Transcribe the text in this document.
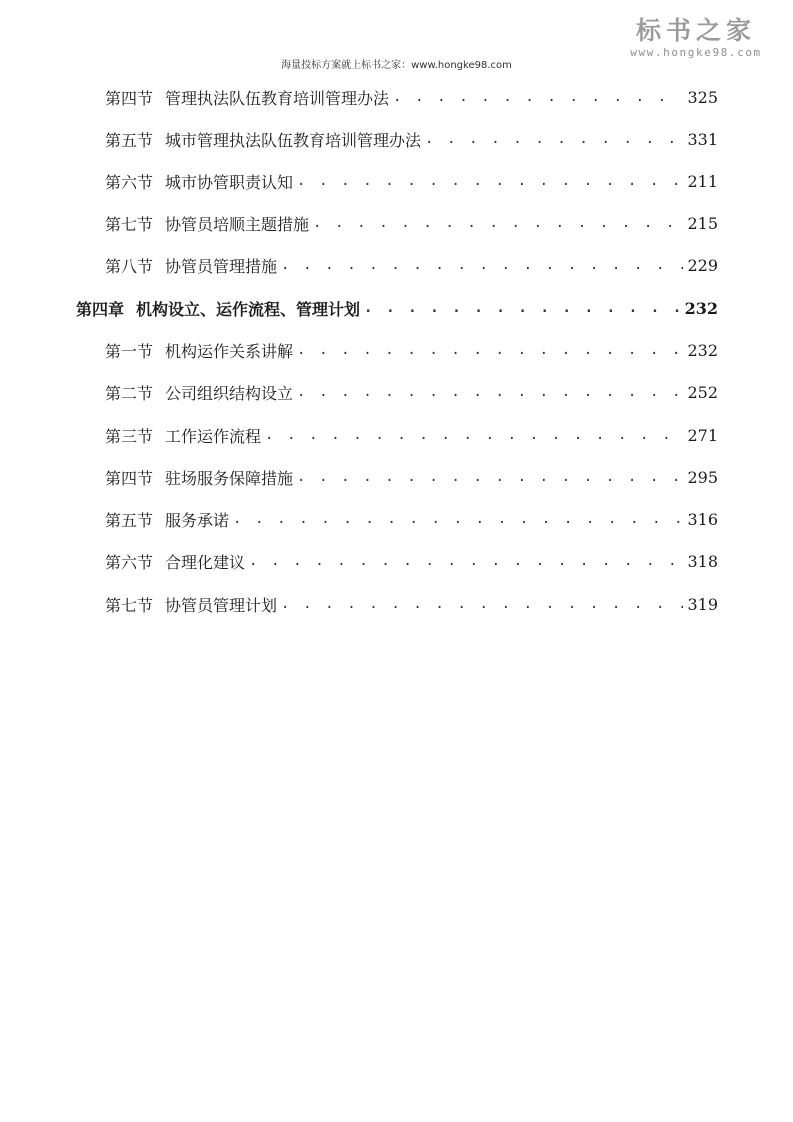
海量投标方案就上标书之家：www.hongke98.com
标书之家
www.hongke98.com
第四节 管理执法队伍教育培训管理办法 . . .	325
第五节 城市管理执法队伍教育培训管理办法 . . .	331
第六节 城市协管职责认知 . . .	211
第七节 协管员培顺主题措施 . . .	215
第八节 协管员管理措施 . . .	229
第四章 机构设立、运作流程、管理计划 . . .	232
第一节 机构运作关系讲解 . . .	232
第二节 公司组织结构设立 . . .	252
第三节 工作运作流程 . . .	271
第四节 驻场服务保障措施 . . .	295
第五节 服务承诺 . . .	316
第六节 合理化建议 . . .	318
第七节 协管员管理计划 . . .	319
